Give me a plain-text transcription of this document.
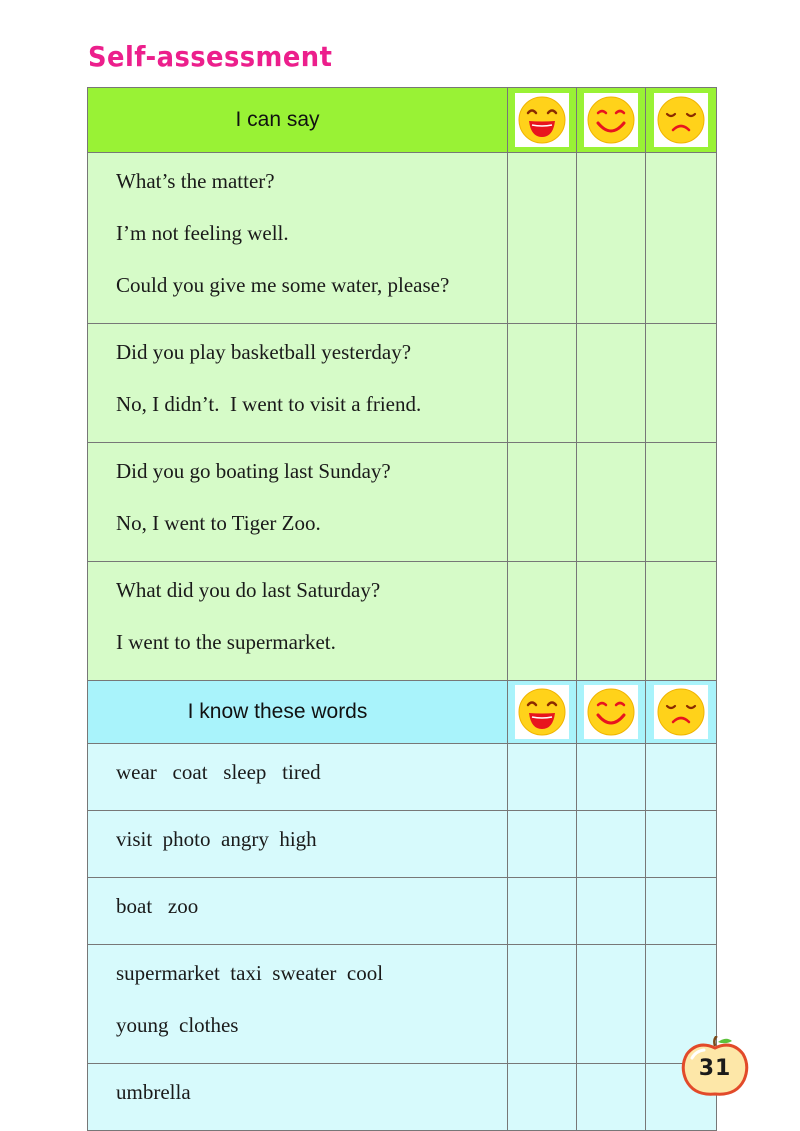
Self-assessment
I can say	

What’s the matter?
I’m not feeling well.
Could you give me some water, please?			

Did you play basketball yesterday?
No, I didn’t.  I went to visit a friend.			

Did you go boating last Sunday?
No, I went to Tiger Zoo.			

What did you do last Saturday?
I went to the supermarket.			

I know these words	

wear   coat   sleep   tired			

visit  photo  angry  high			

boat   zoo			

supermarket  taxi  sweater  cool
young  clothes			

umbrella			

31
